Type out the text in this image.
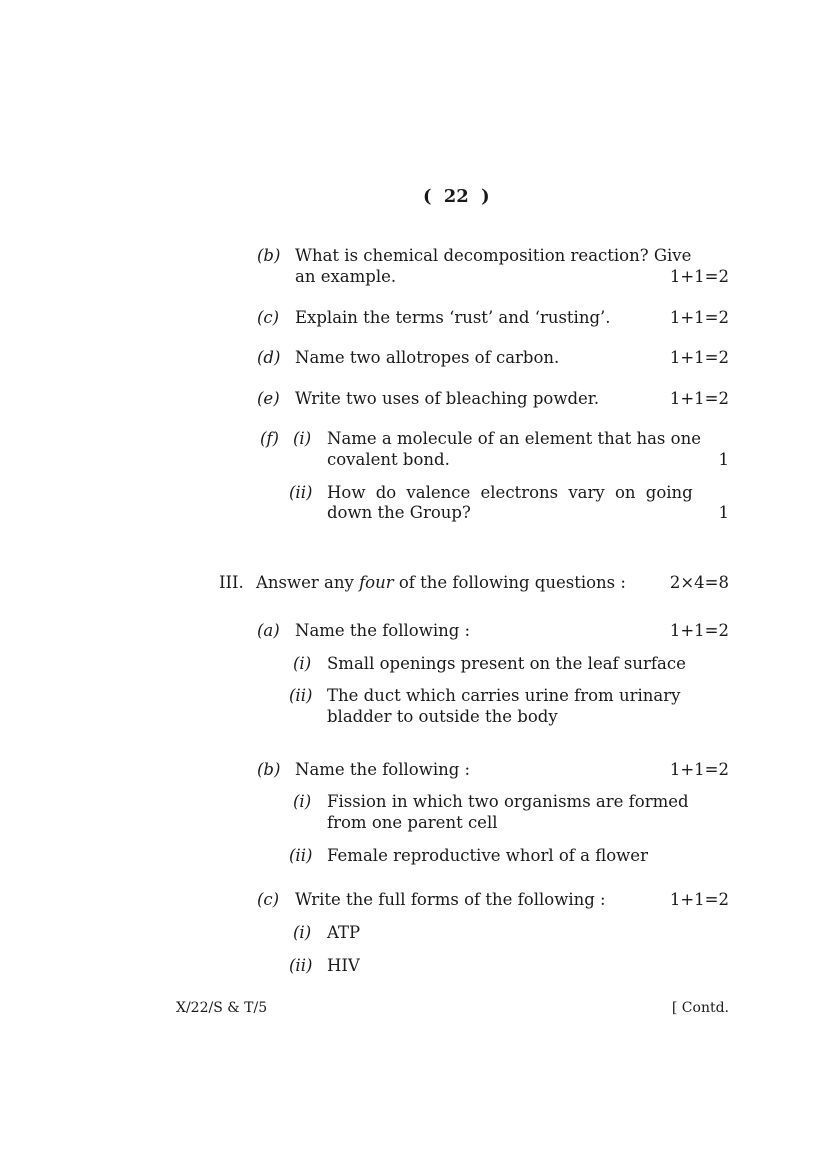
( 22 )
(b) What is chemical decomposition reaction? Give
an example.	1+1=2
(c) Explain the terms ‘rust’ and ‘rusting’.	1+1=2
(d) Name two allotropes of carbon.	1+1=2
(e) Write two uses of bleaching powder.	1+1=2
(f) (i) Name a molecule of an element that has one
covalent bond.	1
(ii) How do valence electrons vary on going
down the Group?	1
III. Answer any four of the following questions :	2×4=8
(a) Name the following :	1+1=2
(i) Small openings present on the leaf surface
(ii) The duct which carries urine from urinary
bladder to outside the body
(b) Name the following :	1+1=2
(i) Fission in which two organisms are formed
from one parent cell
(ii) Female reproductive whorl of a flower
(c) Write the full forms of the following :	1+1=2
(i) ATP
(ii) HIV
X/22/S & T/5	[ Contd.
